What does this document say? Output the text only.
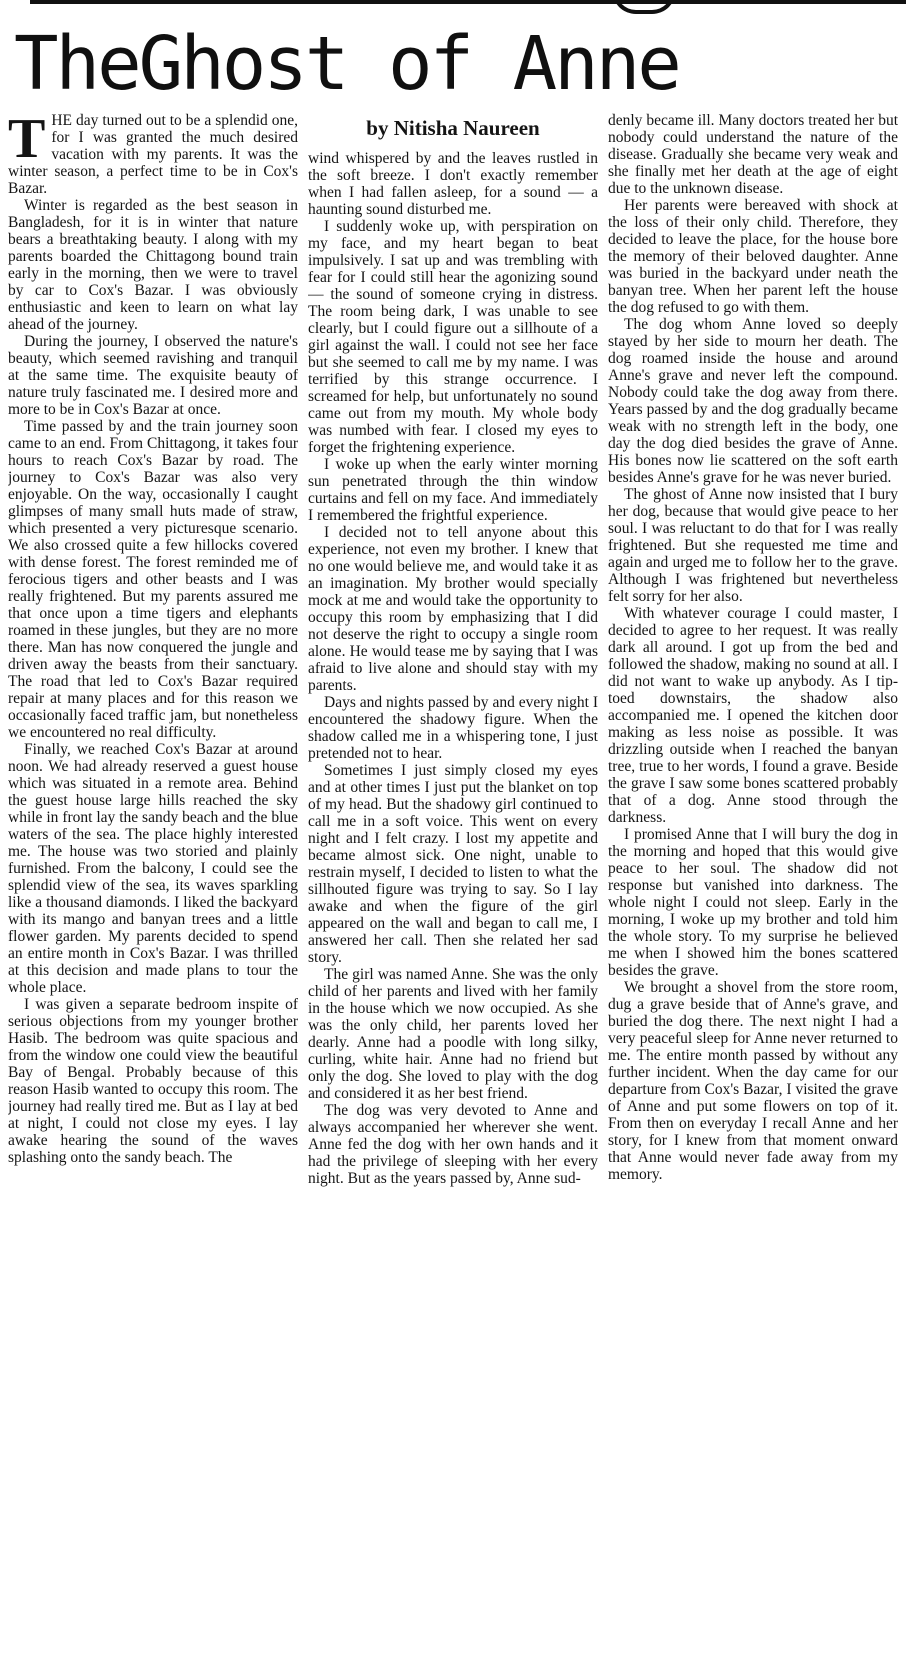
TheGhost of Anne

THE day turned out to be a splendid one, for I was granted the much desired vacation with my parents. It was the winter season, a perfect time to be in Cox's Bazar.

Winter is regarded as the best season in Bangladesh, for it is in winter that nature bears a breathtaking beauty. I along with my parents boarded the Chittagong bound train early in the morning, then we were to travel by car to Cox's Bazar. I was obviously enthusiastic and keen to learn on what lay ahead of the journey.

During the journey, I observed the nature's beauty, which seemed ravishing and tranquil at the same time. The exquisite beauty of nature truly fascinated me. I desired more and more to be in Cox's Bazar at once.

Time passed by and the train journey soon came to an end. From Chittagong, it takes four hours to reach Cox's Bazar by road. The journey to Cox's Bazar was also very enjoyable. On the way, occasionally I caught glimpses of many small huts made of straw, which presented a very picturesque scenario. We also crossed quite a few hillocks covered with dense forest. The forest reminded me of ferocious tigers and other beasts and I was really frightened. But my parents assured me that once upon a time tigers and elephants roamed in these jungles, but they are no more there. Man has now conquered the jungle and driven away the beasts from their sanctuary. The road that led to Cox's Bazar required repair at many places and for this reason we occasionally faced traffic jam, but nonetheless we encountered no real difficulty.

Finally, we reached Cox's Bazar at around noon. We had already reserved a guest house which was situated in a remote area. Behind the guest house large hills reached the sky while in front lay the sandy beach and the blue waters of the sea. The place highly interested me. The house was two storied and plainly furnished. From the balcony, I could see the splendid view of the sea, its waves sparkling like a thousand diamonds. I liked the backyard with its mango and banyan trees and a little flower garden. My parents decided to spend an entire month in Cox's Bazar. I was thrilled at this decision and made plans to tour the whole place.

I was given a separate bedroom inspite of serious objections from my younger brother Hasib. The bedroom was quite spacious and from the window one could view the beautiful Bay of Bengal. Probably because of this reason Hasib wanted to occupy this room. The journey had really tired me. But as I lay at bed at night, I could not close my eyes. I lay awake hearing the sound of the waves splashing onto the sandy beach. The

by Nitisha Naureen

wind whispered by and the leaves rustled in the soft breeze. I don't exactly remember when I had fallen asleep, for a sound — a haunting sound disturbed me.

I suddenly woke up, with perspiration on my face, and my heart began to beat impulsively. I sat up and was trembling with fear for I could still hear the agonizing sound — the sound of someone crying in distress. The room being dark, I was unable to see clearly, but I could figure out a sillhoute of a girl against the wall. I could not see her face but she seemed to call me by my name. I was terrified by this strange occurrence. I screamed for help, but unfortunately no sound came out from my mouth. My whole body was numbed with fear. I closed my eyes to forget the frightening experience.

I woke up when the early winter morning sun penetrated through the thin window curtains and fell on my face. And immediately I remembered the frightful experience.

I decided not to tell anyone about this experience, not even my brother. I knew that no one would believe me, and would take it as an imagination. My brother would specially mock at me and would take the opportunity to occupy this room by emphasizing that I did not deserve the right to occupy a single room alone. He would tease me by saying that I was afraid to live alone and should stay with my parents.

Days and nights passed by and every night I encountered the shadowy figure. When the shadow called me in a whispering tone, I just pretended not to hear.

Sometimes I just simply closed my eyes and at other times I just put the blanket on top of my head. But the shadowy girl continued to call me in a soft voice. This went on every night and I felt crazy. I lost my appetite and became almost sick. One night, unable to restrain myself, I decided to listen to what the sillhouted figure was trying to say. So I lay awake and when the figure of the girl appeared on the wall and began to call me, I answered her call. Then she related her sad story.

The girl was named Anne. She was the only child of her parents and lived with her family in the house which we now occupied. As she was the only child, her parents loved her dearly. Anne had a poodle with long silky, curling, white hair. Anne had no friend but only the dog. She loved to play with the dog and considered it as her best friend.

The dog was very devoted to Anne and always accompanied her wherever she went. Anne fed the dog with her own hands and it had the privilege of sleeping with her every night. But as the years passed by, Anne sud-

denly became ill. Many doctors treated her but nobody could understand the nature of the disease. Gradually she became very weak and she finally met her death at the age of eight due to the unknown disease.

Her parents were bereaved with shock at the loss of their only child. Therefore, they decided to leave the place, for the house bore the memory of their beloved daughter. Anne was buried in the backyard under neath the banyan tree. When her parent left the house the dog refused to go with them.

The dog whom Anne loved so deeply stayed by her side to mourn her death. The dog roamed inside the house and around Anne's grave and never left the compound. Nobody could take the dog away from there. Years passed by and the dog gradually became weak with no strength left in the body, one day the dog died besides the grave of Anne. His bones now lie scattered on the soft earth besides Anne's grave for he was never buried.

The ghost of Anne now insisted that I bury her dog, because that would give peace to her soul. I was reluctant to do that for I was really frightened. But she requested me time and again and urged me to follow her to the grave. Although I was frightened but nevertheless felt sorry for her also.

With whatever courage I could master, I decided to agree to her request. It was really dark all around. I got up from the bed and followed the shadow, making no sound at all. I did not want to wake up anybody. As I tip-toed downstairs, the shadow also accompanied me. I opened the kitchen door making as less noise as possible. It was drizzling outside when I reached the banyan tree, true to her words, I found a grave. Beside the grave I saw some bones scattered probably that of a dog. Anne stood through the darkness.

I promised Anne that I will bury the dog in the morning and hoped that this would give peace to her soul. The shadow did not response but vanished into darkness. The whole night I could not sleep. Early in the morning, I woke up my brother and told him the whole story. To my surprise he believed me when I showed him the bones scattered besides the grave.

We brought a shovel from the store room, dug a grave beside that of Anne's grave, and buried the dog there. The next night I had a very peaceful sleep for Anne never returned to me. The entire month passed by without any further incident. When the day came for our departure from Cox's Bazar, I visited the grave of Anne and put some flowers on top of it. From then on everyday I recall Anne and her story, for I knew from that moment onward that Anne would never fade away from my memory.
